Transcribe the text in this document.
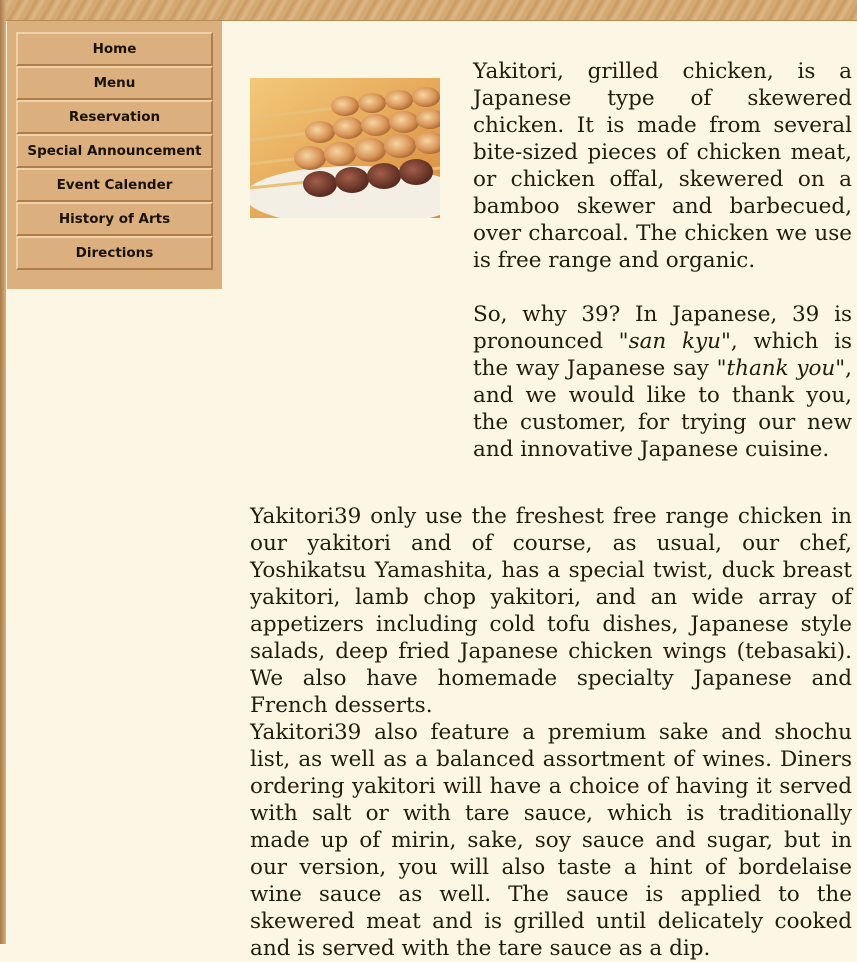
Home
Menu
Reservation
Special Announcement
Event Calender
History of Arts
Directions

Yakitori, grilled chicken, is a Japanese type of skewered chicken. It is made from several bite-sized pieces of chicken meat, or chicken offal, skewered on a bamboo skewer and barbecued, over charcoal. The chicken we use is free range and organic.

So, why 39? In Japanese, 39 is pronounced "san kyu", which is the way Japanese say "thank you", and we would like to thank you, the customer, for trying our new and innovative Japanese cuisine.

Yakitori39 only use the freshest free range chicken in our yakitori and of course, as usual, our chef, Yoshikatsu Yamashita, has a special twist, duck breast yakitori, lamb chop yakitori, and an wide array of appetizers including cold tofu dishes, Japanese style salads, deep fried Japanese chicken wings (tebasaki). We also have homemade specialty Japanese and French desserts.

Yakitori39 also feature a premium sake and shochu list, as well as a balanced assortment of wines. Diners ordering yakitori will have a choice of having it served with salt or with tare sauce, which is traditionally made up of mirin, sake, soy sauce and sugar, but in our version, you will also taste a hint of bordelaise wine sauce as well. The sauce is applied to the skewered meat and is grilled until delicately cooked and is served with the tare sauce as a dip.
